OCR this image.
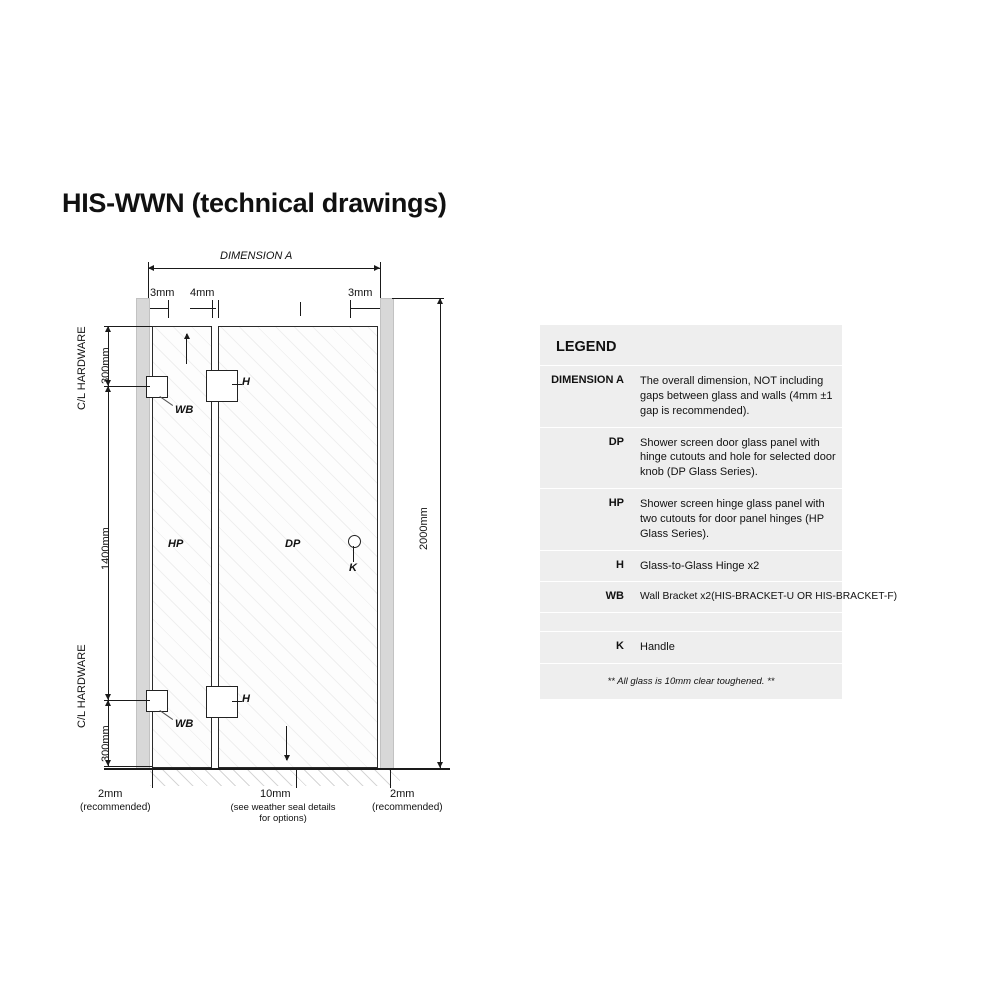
HIS-WWN (technical drawings)
DIMENSION A
3mm 4mm	3mm
HP	DP
H
WB
H
WB
K
C/L HARDWARE 300mm
1400mm
C/L HARDWARE
300mm
2000mm
2mm
(recommended)
10mm
(see weather seal details for options)
2mm
(recommended)
LEGEND
DIMENSION A	The overall dimension, NOT including gaps between glass and walls (4mm ±1 gap is recommended).
DP	Shower screen door glass panel with hinge cutouts and hole for selected door knob (DP Glass Series).
HP	Shower screen hinge glass panel with two cutouts for door panel hinges (HP Glass Series).
H	Glass-to-Glass Hinge x2
WB	Wall Bracket x2(HIS-BRACKET-U OR HIS-BRACKET-F)
K	Handle
** All glass is 10mm clear toughened. **
